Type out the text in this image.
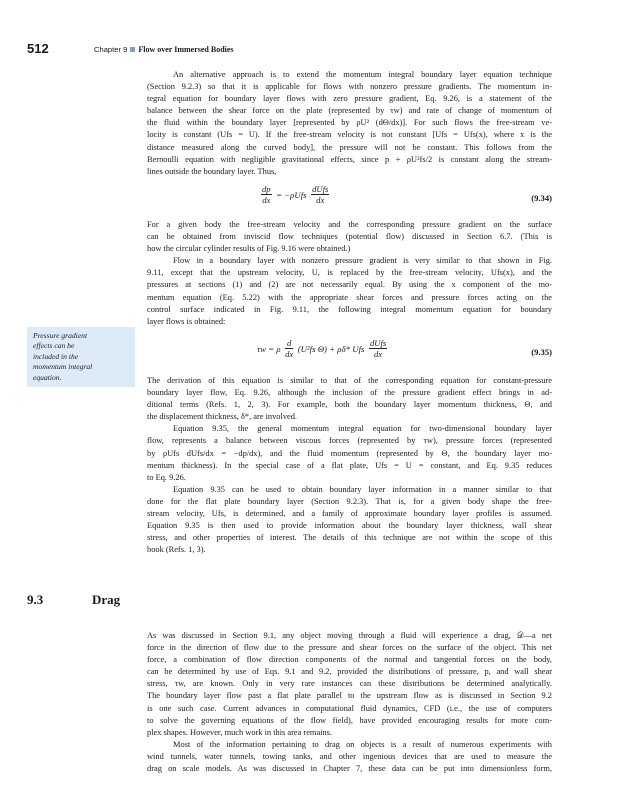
512	Chapter 9 Flow over Immersed Bodies
An alternative approach is to extend the momentum integral boundary layer equation technique
(Section 9.2.3) so that it is applicable for flows with nonzero pressure gradients. The momentum in-
tegral equation for boundary layer flows with zero pressure gradient, Eq. 9.26, is a statement of the
balance between the shear force on the plate (represented by τw) and rate of change of momentum of
the fluid within the boundary layer [represented by ρU² (dΘ/dx)]. For such flows the free-stream ve-
locity is constant (Ufs = U). If the free-stream velocity is not constant [Ufs = Ufs(x), where x is the
distance measured along the curved body], the pressure will not be constant. This follows from the
Bernoulli equation with negligible gravitational effects, since p + ρU²fs/2 is constant along the stream-
lines outside the boundary layer. Thus,
$\frac{dp}{dx} = -\rho Ufs \frac{\text{dUfs}}{dx}$	(9.34)
For a given body the free-stream velocity and the corresponding pressure gradient on the surface
can be obtained from inviscid flow techniques (potential flow) discussed in Section 6.7. (This is
how the circular cylinder results of Fig. 9.16 were obtained.)
Flow in a boundary layer with nonzero pressure gradient is very similar to that shown in Fig.
9.11, except that the upstream velocity, U, is replaced by the free-stream velocity, Ufs(x), and the
pressures at sections (1) and (2) are not necessarily equal. By using the x component of the mo-
mentum equation (Eq. 5.22) with the appropriate shear forces and pressure forces acting on the
control surface indicated in Fig. 9.11, the following integral momentum equation for boundary
layer flows is obtained:
Pressure gradient
effects can be
included in the
momentum integral
equation.
τw = ρ $\frac{d}{dx} (U^2fs$ Θ) + ρδ* Ufs $\frac{\text{dUfs}}{dx}$	(9.35)
The derivation of this equation is similar to that of the corresponding equation for constant-pressure
boundary layer flow, Eq. 9.26, although the inclusion of the pressure gradient effect brings in ad-
ditional terms (Refs. 1, 2, 3). For example, both the boundary layer momentum thickness, Θ, and
the displacement thickness, δ*, are involved.
Equation 9.35, the general momentum integral equation for two-dimensional boundary layer
flow, represents a balance between viscous forces (represented by τw), pressure forces (represented
by ρUfs dUfs/dx = −dp/dx), and the fluid momentum (represented by Θ, the boundary layer mo-
mentum thickness). In the special case of a flat plate, Ufs = U = constant, and Eq. 9.35 reduces
to Eq. 9.26.
Equation 9.35 can be used to obtain boundary layer information in a manner similar to that
done for the flat plate boundary layer (Section 9.2.3). That is, for a given body shape the free-
stream velocity, Ufs, is determined, and a family of approximate boundary layer profiles is assumed.
Equation 9.35 is then used to provide information about the boundary layer thickness, wall shear
stress, and other properties of interest. The details of this technique are not within the scope of this
book (Refs. 1, 3).
9.3	Drag
As was discussed in Section 9.1, any object moving through a fluid will experience a drag, 𝒟—a net
force in the direction of flow due to the pressure and shear forces on the surface of the object. This net
force, a combination of flow direction components of the normal and tangential forces on the body,
can be determined by use of Eqs. 9.1 and 9.2, provided the distributions of pressure, p, and wall shear
stress, τw, are known. Only in very rare instances can these distributions be determined analytically.
The boundary layer flow past a flat plate parallel to the upstream flow as is discussed in Section 9.2
is one such case. Current advances in computational fluid dynamics, CFD (i.e., the use of computers
to solve the governing equations of the flow field), have provided encouraging results for more com-
plex shapes. However, much work in this area remains.
Most of the information pertaining to drag on objects is a result of numerous experiments with
wind tunnels, water tunnels, towing tanks, and other ingenious devices that are used to measure the
drag on scale models. As was discussed in Chapter 7, these data can be put into dimensionless form,
